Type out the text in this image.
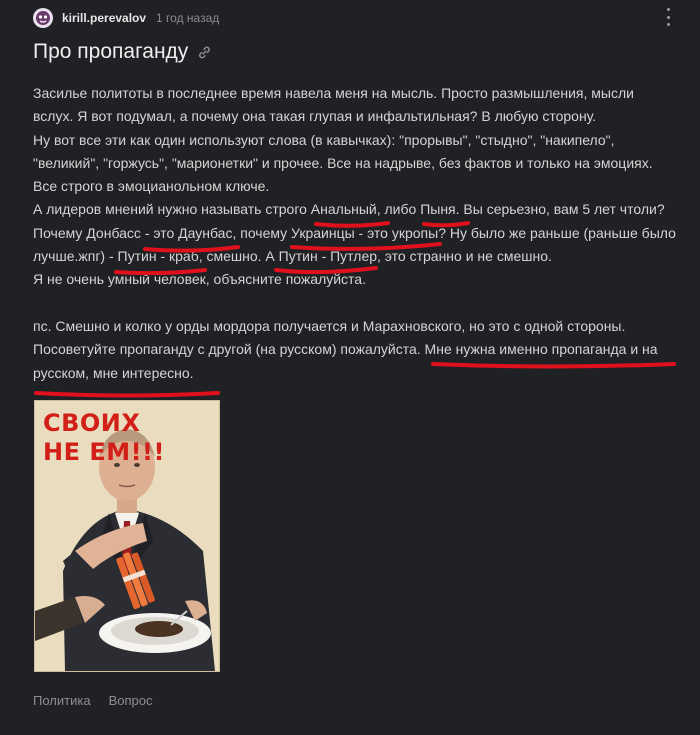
kirill.perevalov 1 год назад
Про пропаганду

Засилье политоты в последнее время навела меня на мысль. Просто размышления, мысли вслух. Я вот подумал, а почему она такая глупая и инфальтильная? В любую сторону.

Ну вот все эти как один используют слова (в кавычках): "прорывы", "стыдно", "накипело", "великий", "горжусь", "марионетки" и прочее. Все на надрыве, без фактов и только на эмоциях. Все строго в эмоцианольном ключе.

А лидеров мнений нужно называть строго Анальный, либо Пыня. Вы серьезно, вам 5 лет чтоли? Почему Донбасс - это Даунбас, почему Украинцы - это укропы? Ну было же раньше (раньше было лучше.жпг) - Путин - краб, смешно. А Путин - Путлер, это странно и не смешно.

Я не очень умный человек, объясните пожалуйста.

пс. Смешно и колко у орды мордора получается и Марахновского, но это с одной стороны. Посоветуйте пропаганду с другой (на русском) пожалуйста. Мне нужна именно пропаганда и на русском, мне интересно.

СВОИХ
НЕ ЕМ!!!
Политика Вопрос
